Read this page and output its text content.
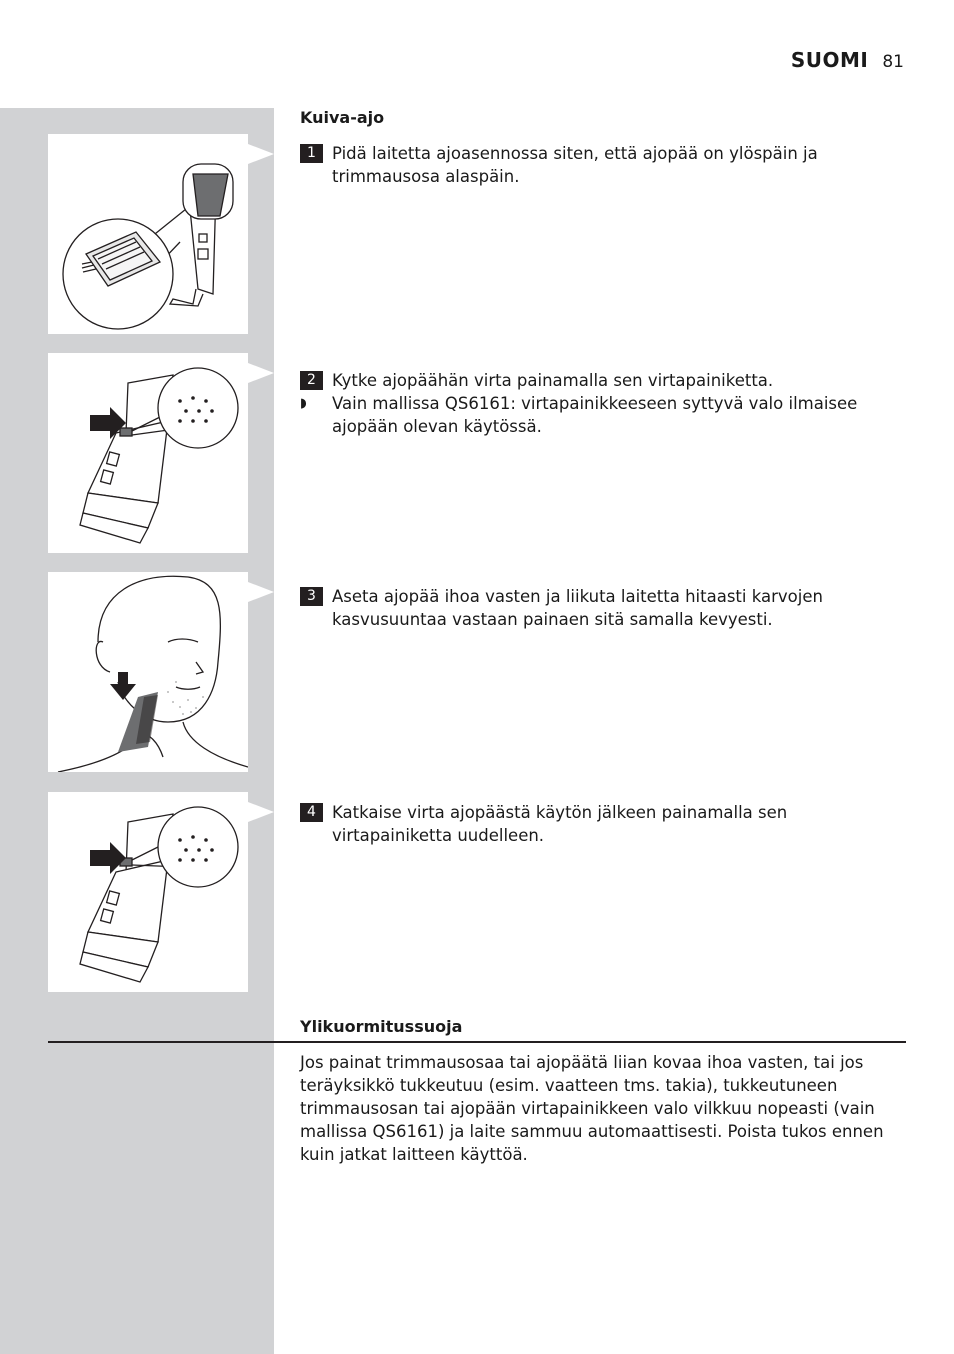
SUOMI 81
Kuiva-ajo
1 Pidä laitetta ajoasennossa siten, että ajopää on ylöspäin ja trimmausosa alaspäin.
2 Kytke ajopäähän virta painamalla sen virtapainiketta.
◗	Vain mallissa QS6161: virtapainikkeeseen syttyvä valo ilmaisee ajopään olevan käytössä.
3 Aseta ajopää ihoa vasten ja liikuta laitetta hitaasti karvojen kasvusuuntaa vastaan painaen sitä samalla kevyesti.
4 Katkaise virta ajopäästä käytön jälkeen painamalla sen virtapainiketta uudelleen.
Ylikuormitussuoja
Jos painat trimmausosaa tai ajopäätä liian kovaa ihoa vasten, tai jos teräyksikkö tukkeutuu (esim. vaatteen tms. takia), tukkeutuneen trimmausosan tai ajopään virtapainikkeen valo vilkkuu nopeasti (vain mallissa QS6161) ja laite sammuu automaattisesti. Poista tukos ennen kuin jatkat laitteen käyttöä.
